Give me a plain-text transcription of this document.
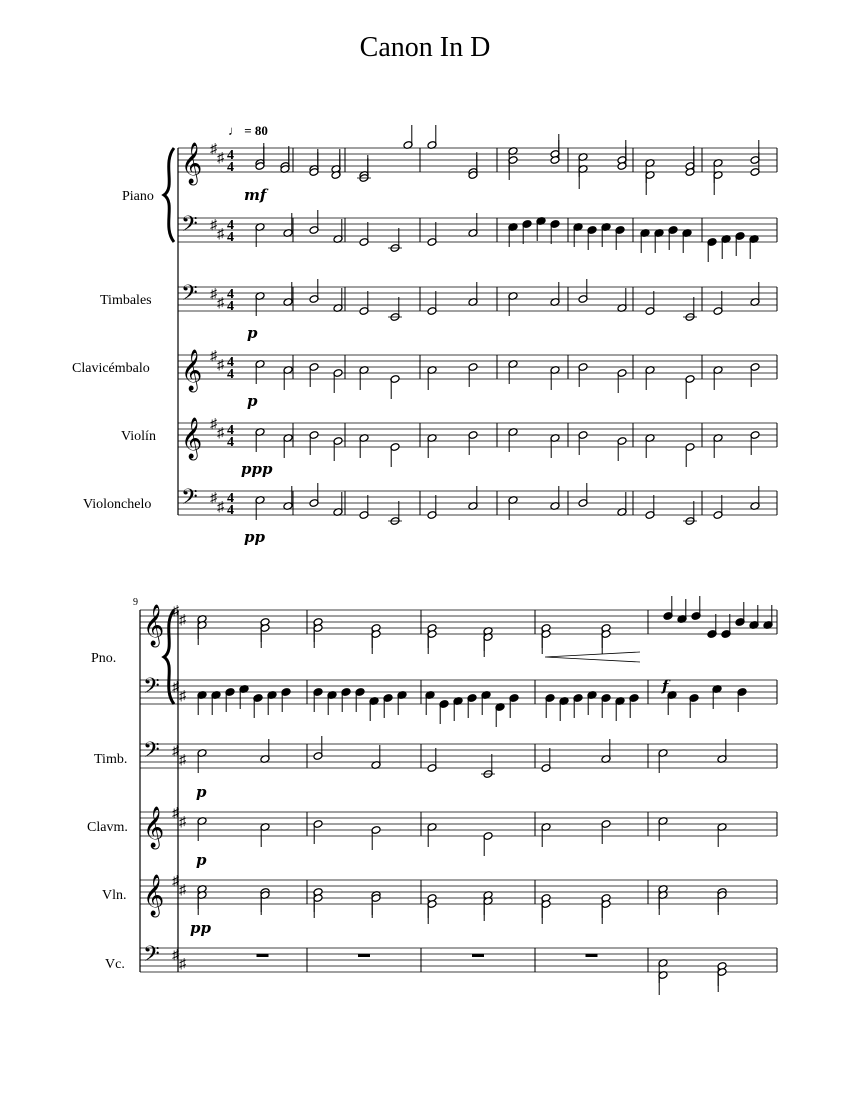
Canon In D
𝄞 ♯
♯ 4
4
𝄢 ♯
♯
4
4
𝄢 ♯
♯
4
4
𝄞 ♯
♯ 4
4
𝄞 ♯
♯ 4
4
𝄢 ♯
♯
4
4
𝄞 ♯
♯
𝄢 ♯
♯
𝄢 ♯
♯
𝄞 ♯
♯
𝄞 ♯
♯
𝄢 ♯
♯
♩ = 80
Piano
Timbales
Clavicémbalo
Violín
Violonchelo
mf
p
p
ppp
pp
9
Pno.
Timb.
Clavm.
Vln.
Vc.
f
p
p
pp
